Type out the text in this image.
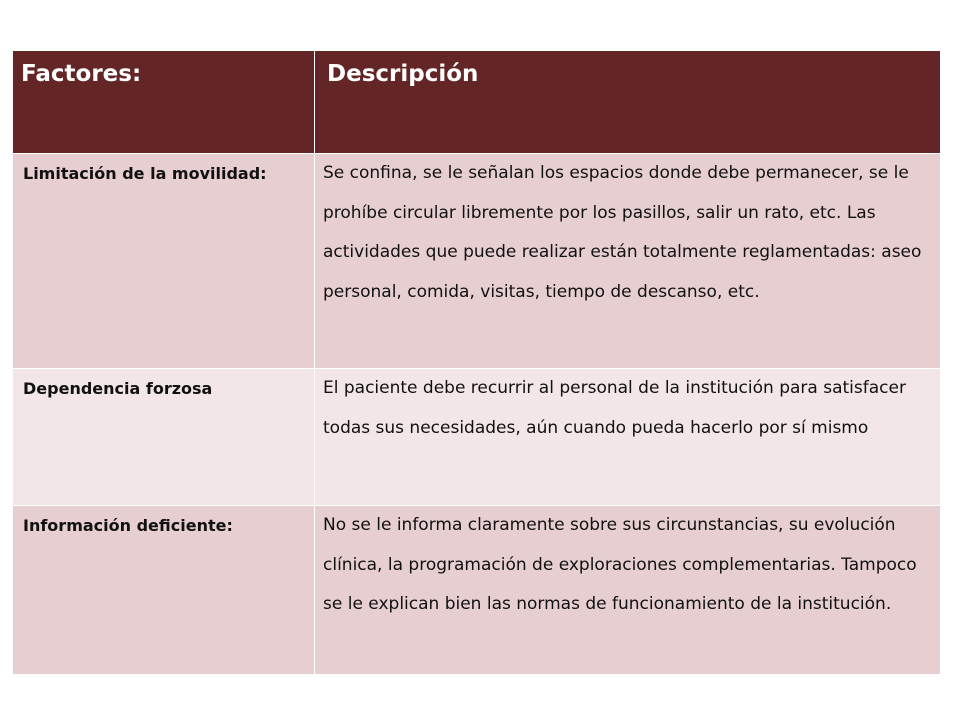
Factores:	Descripción
Limitación de la movilidad:	Se confina, se le señalan los espacios donde debe permanecer, se le prohíbe circular libremente por los pasillos, salir un rato, etc. Las actividades que puede realizar están totalmente reglamentadas: aseo personal, comida, visitas, tiempo de descanso, etc.
Dependencia forzosa	El paciente debe recurrir al personal de la institución para satisfacer todas sus necesidades, aún cuando pueda hacerlo por sí mismo
Información deficiente:	No se le informa claramente sobre sus circunstancias, su evolución clínica, la programación de exploraciones complementarias. Tampoco se le explican bien las normas de funcionamiento de la institución.
